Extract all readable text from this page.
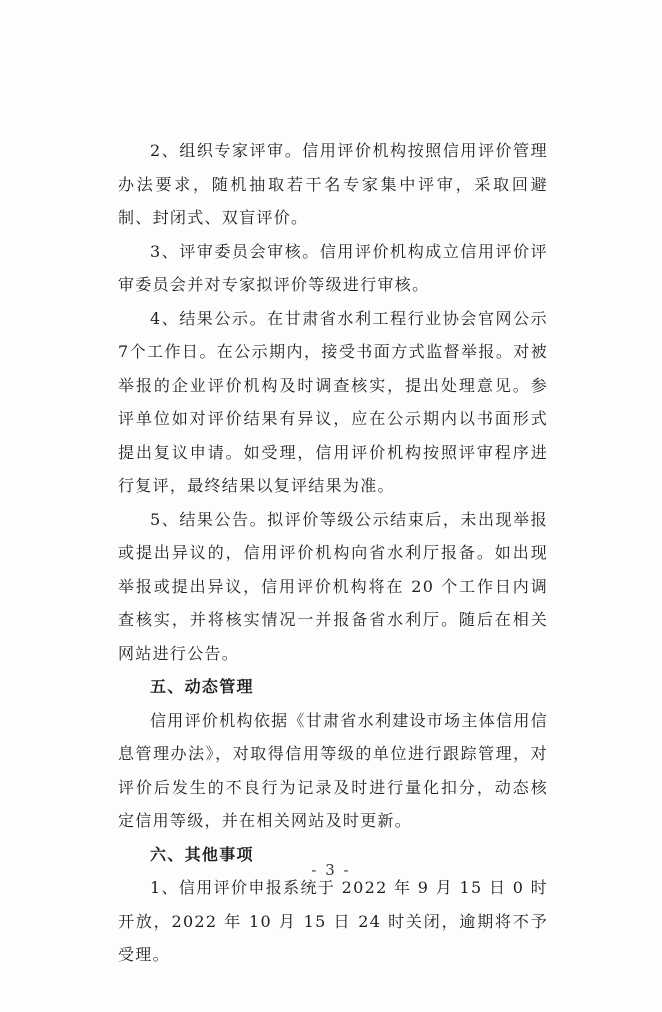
2、组织专家评审。信用评价机构按照信用评价管理办法要求，随机抽取若干名专家集中评审，采取回避制、封闭式、双盲评价。

3、评审委员会审核。信用评价机构成立信用评价评审委员会并对专家拟评价等级进行审核。

4、结果公示。在甘肃省水利工程行业协会官网公示 7个工作日。在公示期内，接受书面方式监督举报。对被举报的企业评价机构及时调查核实，提出处理意见。参评单位如对评价结果有异议，应在公示期内以书面形式提出复议申请。如受理，信用评价机构按照评审程序进行复评，最终结果以复评结果为准。

5、结果公告。拟评价等级公示结束后，未出现举报或提出异议的，信用评价机构向省水利厅报备。如出现举报或提出异议，信用评价机构将在 20 个工作日内调查核实，并将核实情况一并报备省水利厅。随后在相关网站进行公告。

五、动态管理

信用评价机构依据《甘肃省水利建设市场主体信用信息管理办法》，对取得信用等级的单位进行跟踪管理，对评价后发生的不良行为记录及时进行量化扣分，动态核定信用等级，并在相关网站及时更新。

六、其他事项

1、信用评价申报系统于 2022 年 9 月 15 日 0 时开放，2022 年 10 月 15 日 24 时关闭，逾期将不予受理。

- 3 -
